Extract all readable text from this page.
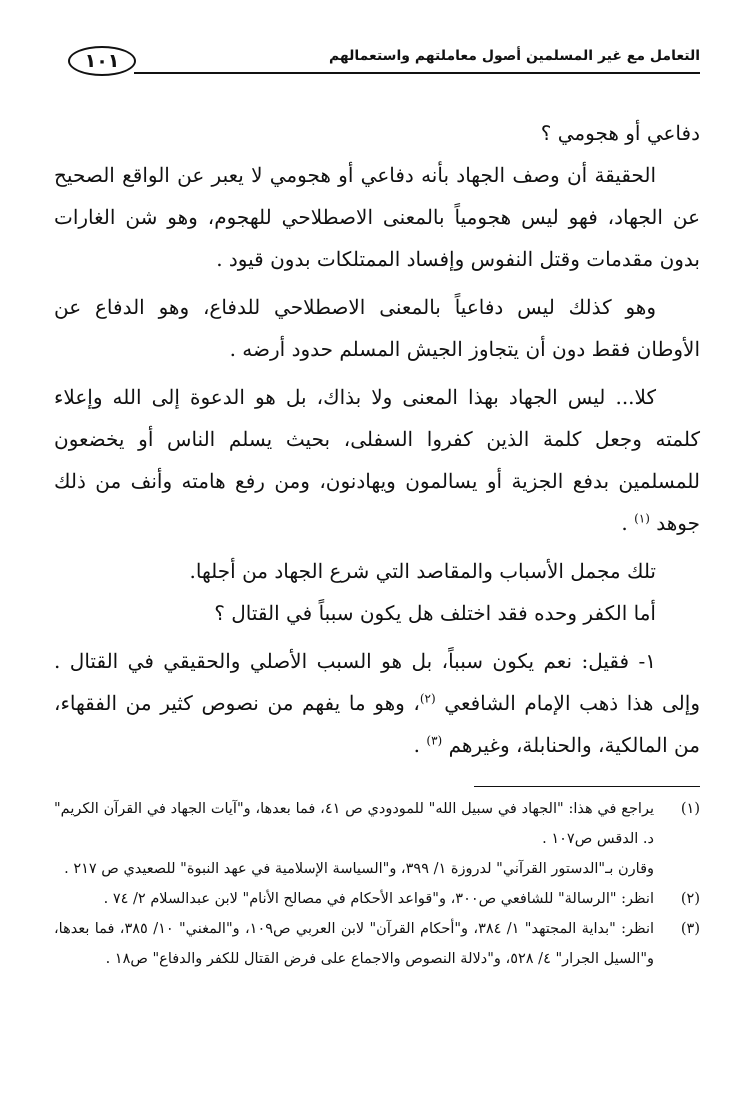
التعامل مع غير المسلمين أصول معاملتهم واستعمالهم
١٠١

دفاعي أو هجومي ؟

الحقيقة أن وصف الجهاد بأنه دفاعي أو هجومي لا يعبر عن الواقع الصحيح عن الجهاد، فهو ليس هجومياً بالمعنى الاصطلاحي للهجوم، وهو شن الغارات بدون مقدمات وقتل النفوس وإفساد الممتلكات بدون قيود .

وهو كذلك ليس دفاعياً بالمعنى الاصطلاحي للدفاع، وهو الدفاع عن الأوطان فقط دون أن يتجاوز الجيش المسلم حدود أرضه .

كلا... ليس الجهاد بهذا المعنى ولا بذاك، بل هو الدعوة إلى الله وإعلاء كلمته وجعل كلمة الذين كفروا السفلى، بحيث يسلم الناس أو يخضعون للمسلمين بدفع الجزية أو يسالمون ويهادنون، ومن رفع هامته وأنف من ذلك جوهد $^{(١)}$ .

تلك مجمل الأسباب والمقاصد التي شرع الجهاد من أجلها.

أما الكفر وحده فقد اختلف هل يكون سبباً في القتال ؟

١- فقيل: نعم يكون سبباً، بل هو السبب الأصلي والحقيقي في القتال . وإلى هذا ذهب الإمام الشافعي $^{(٢)}$، وهو ما يفهم من نصوص كثير من الفقهاء، من المالكية، والحنابلة، وغيرهم $^{(٣)}$ .

(١)
يراجع في هذا: "الجهاد في سبيل الله" للمودودي ص ٤١، فما بعدها، و"آيات الجهاد في القرآن الكريم" د. الدقس ص١٠٧ .

وقارن بـ"الدستور القرآني" لدروزة ١/ ٣٩٩، و"السياسة الإسلامية في عهد النبوة" للصعيدي ص ٢١٧ .

(٢)
انظر: "الرسالة" للشافعي ص٣٠٠، و"قواعد الأحكام في مصالح الأنام" لابن عبدالسلام ٢/ ٧٤ .

(٣)
انظر: "بداية المجتهد" ١/ ٣٨٤، و"أحكام القرآن" لابن العربي ص١٠٩، و"المغني" ١٠/ ٣٨٥، فما بعدها، و"السيل الجرار" ٤/ ٥٢٨، و"دلالة النصوص والاجماع على فرض القتال للكفر والدفاع" ص١٨ .
